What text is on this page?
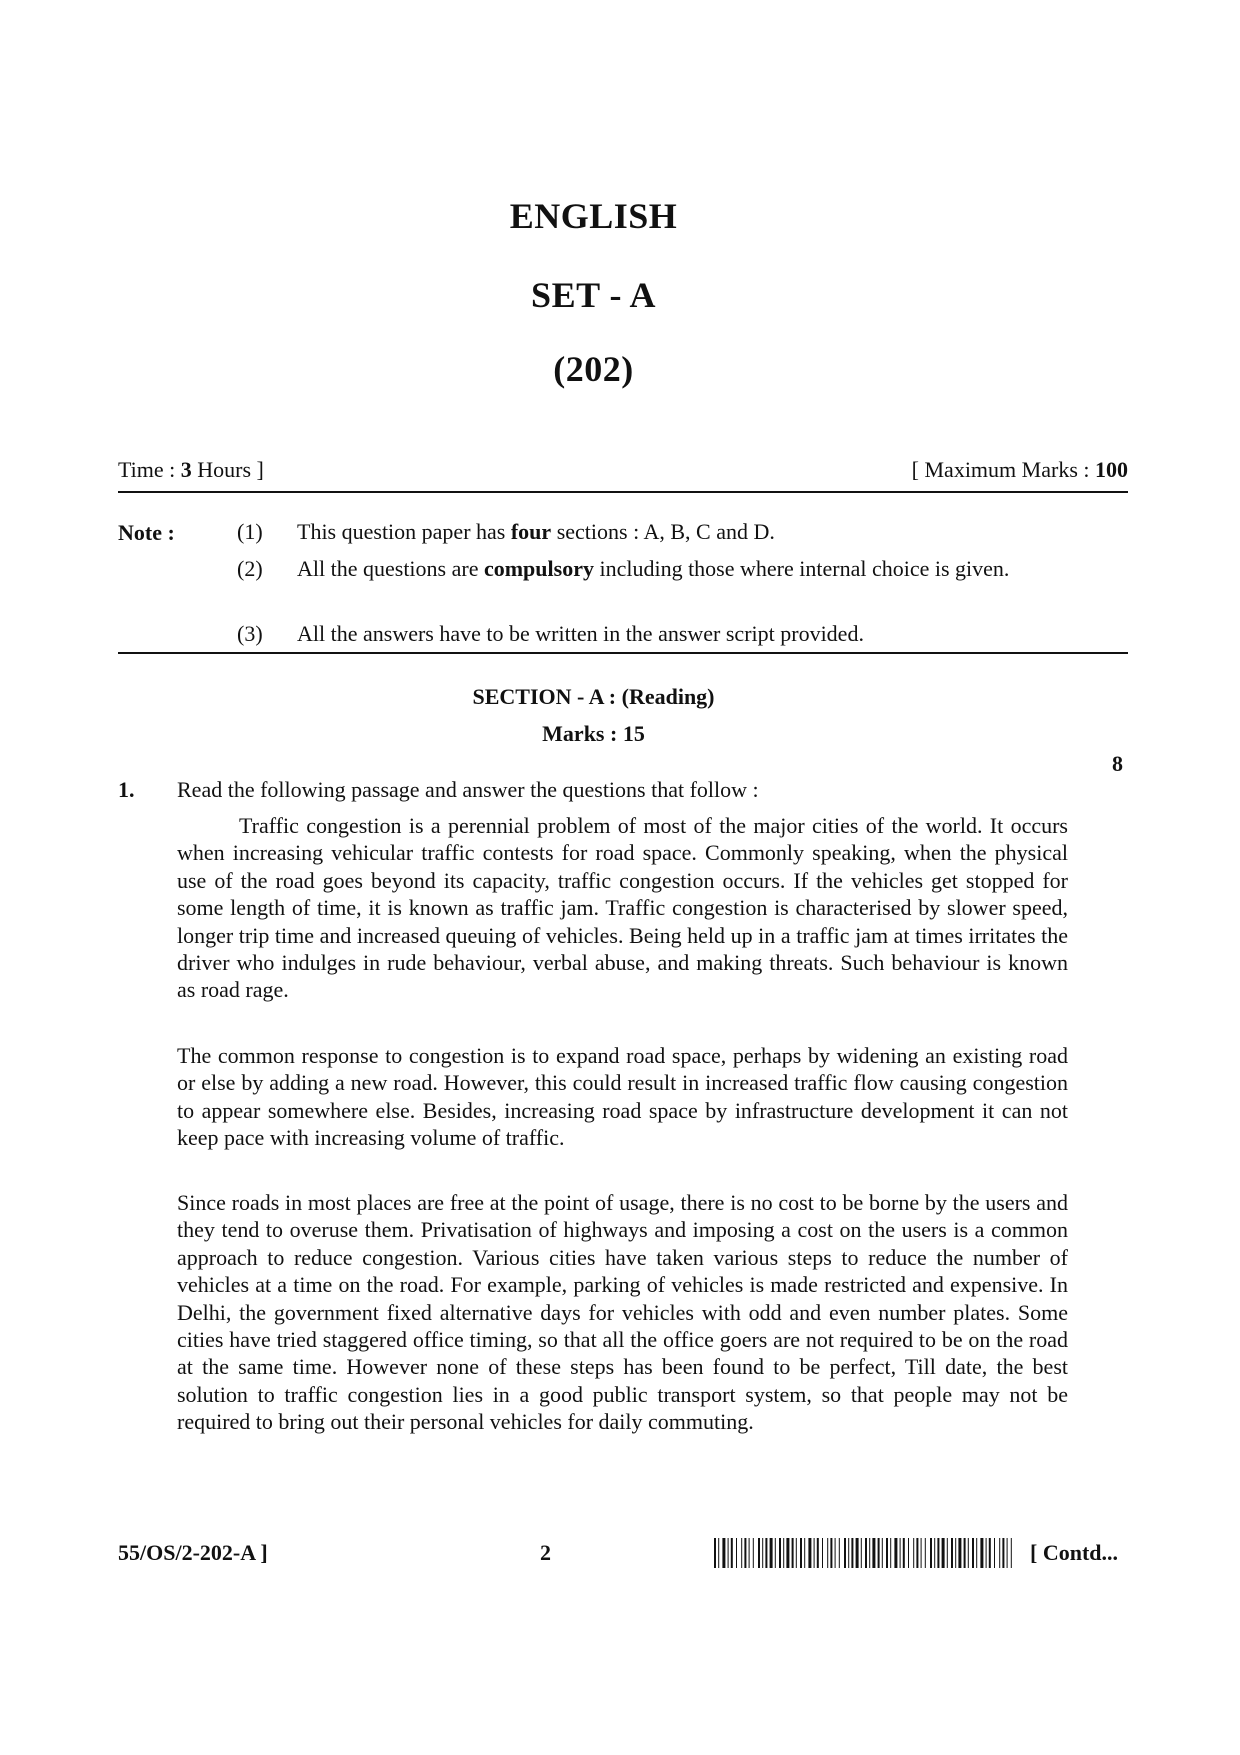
ENGLISH
SET - A
(202)
Time : 3 Hours ]	[ Maximum Marks : 100
Note :	(1) This question paper has four sections : A, B, C and D.
(2) All the questions are compulsory including those where internal choice is given.
(3) All the answers have to be written in the answer script provided.
SECTION - A : (Reading)
Marks : 15
8
1. Read the following passage and answer the questions that follow :

Traffic congestion is a perennial problem of most of the major cities of the world. It occurs when increasing vehicular traffic contests for road space. Commonly speaking, when the physical use of the road goes beyond its capacity, traffic congestion occurs. If the vehicles get stopped for some length of time, it is known as traffic jam. Traffic congestion is characterised by slower speed, longer trip time and increased queuing of vehicles. Being held up in a traffic jam at times irritates the driver who indulges in rude behaviour, verbal abuse, and making threats. Such behaviour is known as road rage.

The common response to congestion is to expand road space, perhaps by widening an existing road or else by adding a new road. However, this could result in increased traffic flow causing congestion to appear somewhere else. Besides, increasing road space by infrastructure development it can not keep pace with increasing volume of traffic.

Since roads in most places are free at the point of usage, there is no cost to be borne by the users and they tend to overuse them. Privatisation of highways and imposing a cost on the users is a common approach to reduce congestion. Various cities have taken various steps to reduce the number of vehicles at a time on the road. For example, parking of vehicles is made restricted and expensive. In Delhi, the government fixed alternative days for vehicles with odd and even number plates. Some cities have tried staggered office timing, so that all the office goers are not required to be on the road at the same time. However none of these steps has been found to be perfect, Till date, the best solution to traffic congestion lies in a good public transport system, so that people may not be required to bring out their personal vehicles for daily commuting.

55/OS/2-202-A ]	2	[ Contd...
